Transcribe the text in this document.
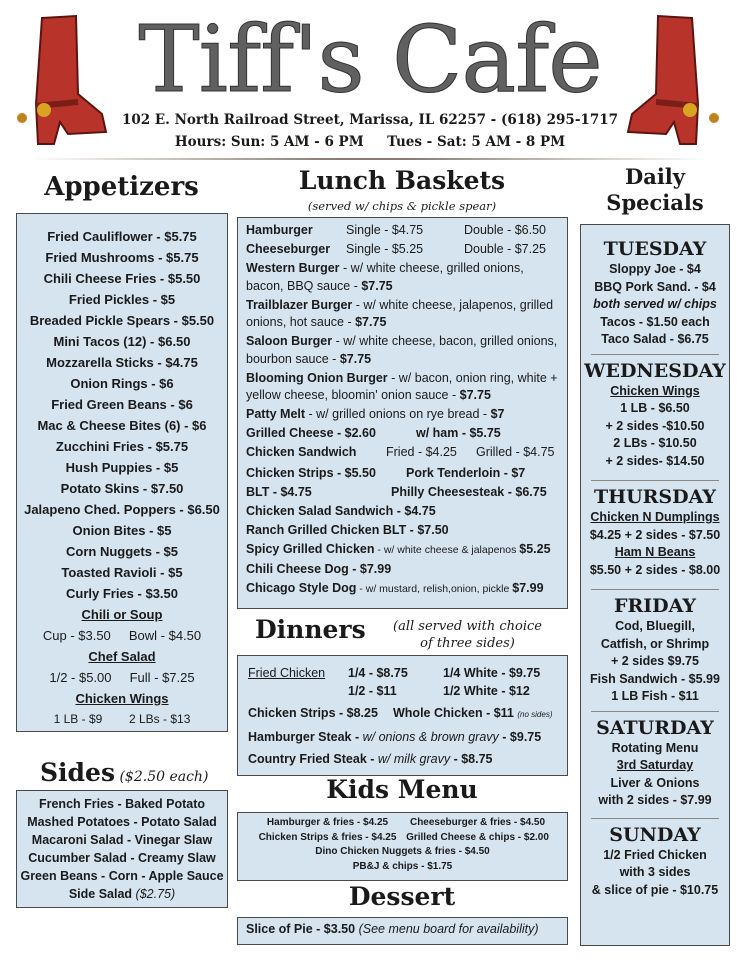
Tiff's Cafe
102 E. North Railroad Street, Marissa, IL 62257 - (618) 295-1717
Hours: Sun: 5 AM - 6 PM     Tues - Sat: 5 AM - 8 PM
Appetizers
Fried Cauliflower - $5.75
Fried Mushrooms - $5.75
Chili Cheese Fries - $5.50
Fried Pickles - $5
Breaded Pickle Spears - $5.50
Mini Tacos (12) - $6.50
Mozzarella Sticks - $4.75
Onion Rings - $6
Fried Green Beans - $6
Mac & Cheese Bites (6) - $6
Zucchini Fries - $5.75
Hush Puppies - $5
Potato Skins - $7.50
Jalapeno Ched. Poppers - $6.50
Onion Bites - $5
Corn Nuggets - $5
Toasted Ravioli - $5
Curly Fries - $3.50
Chili or Soup
Cup - $3.50 Bowl - $4.50
Chef Salad
1/2 - $5.00 Full - $7.25
Chicken Wings
1 LB - $9 2 LBs - $13
Sides ($2.50 each)
French Fries - Baked Potato
Mashed Potatoes - Potato Salad
Macaroni Salad - Vinegar Slaw
Cucumber Salad - Creamy Slaw
Green Beans - Corn - Apple Sauce
Side Salad ($2.75)
Lunch Baskets
(served w/ chips & pickle spear)
Hamburger	Single - $4.75	Double - $6.50
Cheeseburger	Single - $5.25	Double - $7.25
Western Burger - w/ white cheese, grilled onions, bacon, BBQ sauce - $7.75
Trailblazer Burger - w/ white cheese, jalapenos, grilled onions, hot sauce - $7.75
Saloon Burger - w/ white cheese, bacon, grilled onions, bourbon sauce - $7.75
Blooming Onion Burger - w/ bacon, onion ring, white + yellow cheese, bloomin' onion sauce - $7.75
Patty Melt - w/ grilled onions on rye bread - $7
Grilled Cheese - $2.60	w/ ham - $5.75
Chicken Sandwich Fried - $4.25 Grilled - $4.75
Chicken Strips - $5.50 Pork Tenderloin - $7
BLT - $4.75	Philly Cheesesteak - $6.75
Chicken Salad Sandwich - $4.75
Ranch Grilled Chicken BLT - $7.50
Spicy Grilled Chicken - w/ white cheese & jalapenos $5.25
Chili Cheese Dog - $7.99
Chicago Style Dog - w/ mustard, relish,onion, pickle $7.99
Dinners (all served with choice of three sides)
Fried Chicken	1/4 - $8.75	1/4 White - $9.75
1/2 - $11	1/2 White - $12
Chicken Strips - $8.25 Whole Chicken - $11 (no sides)
Hamburger Steak - w/ onions & brown gravy - $9.75
Country Fried Steak - w/ milk gravy - $8.75
Kids Menu
Hamburger & fries - $4.25 Cheeseburger & fries - $4.50
Chicken Strips & fries - $4.25 Grilled Cheese & chips - $2.00
Dino Chicken Nuggets & fries - $4.50
PB&J & chips - $1.75
Dessert
Slice of Pie - $3.50 (See menu board for availability)
Daily
Specials
TUESDAY
Sloppy Joe - $4
BBQ Pork Sand. - $4
both served w/ chips
Tacos - $1.50 each
Taco Salad - $6.75
WEDNESDAY
Chicken Wings
1 LB - $6.50
+ 2 sides -$10.50
2 LBs - $10.50
+ 2 sides- $14.50
THURSDAY
Chicken N Dumplings
$4.25 + 2 sides - $7.50
Ham N Beans
$5.50 + 2 sides - $8.00
FRIDAY
Cod, Bluegill,
Catfish, or Shrimp
+ 2 sides $9.75
Fish Sandwich - $5.99
1 LB Fish - $11
SATURDAY
Rotating Menu
3rd Saturday
Liver & Onions
with 2 sides - $7.99
SUNDAY
1/2 Fried Chicken
with 3 sides
& slice of pie - $10.75
